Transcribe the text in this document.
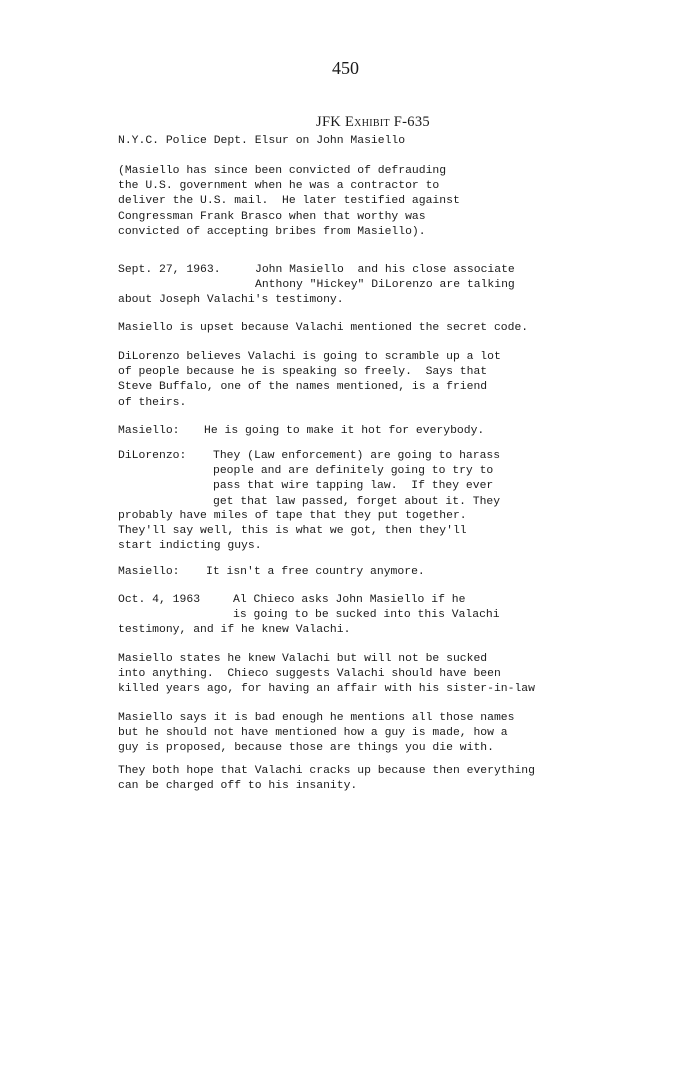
450
JFK Exhibit F-635

N.Y.C. Police Dept. Elsur on John Masiello

(Masiello has since been convicted of defrauding
the U.S. government when he was a contractor to
deliver the U.S. mail.  He later testified against
Congressman Frank Brasco when that worthy was
convicted of accepting bribes from Masiello).

Sept. 27, 1963.	John Masiello  and his close associate
Anthony "Hickey" DiLorenzo are talking

about Joseph Valachi's testimony.

Masiello is upset because Valachi mentioned the secret code.

DiLorenzo believes Valachi is going to scramble up a lot
of people because he is speaking so freely.  Says that
Steve Buffalo, one of the names mentioned, is a friend
of theirs.

Masiello: He is going to make it hot for everybody.

DiLorenzo: They (Law enforcement) are going to harass
people and are definitely going to try to
pass that wire tapping law.  If they ever
get that law passed, forget about it. They

probably have miles of tape that they put together.
They'll say well, this is what we got, then they'll
start indicting guys.

Masiello: It isn't a free country anymore.

Oct. 4, 1963	Al Chieco asks John Masiello if he
is going to be sucked into this Valachi

testimony, and if he knew Valachi.

Masiello states he knew Valachi but will not be sucked
into anything.  Chieco suggests Valachi should have been
killed years ago, for having an affair with his sister-in-law

Masiello says it is bad enough he mentions all those names
but he should not have mentioned how a guy is made, how a
guy is proposed, because those are things you die with.

They both hope that Valachi cracks up because then everything
can be charged off to his insanity.
